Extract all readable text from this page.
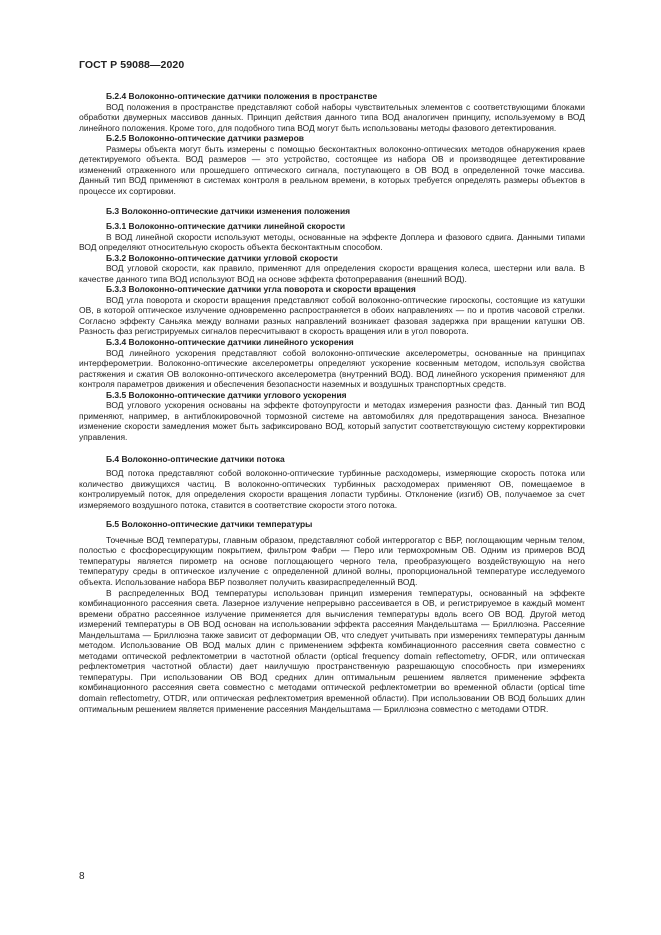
ГОСТ Р 59088—2020
Б.2.4 Волоконно-оптические датчики положения в пространстве

ВОД положения в пространстве представляют собой наборы чувствительных элементов с соответствующими блоками обработки двумерных массивов данных. Принцип действия данного типа ВОД аналогичен принципу, используемому в ВОД линейного положения. Кроме того, для подобного типа ВОД могут быть использованы методы фазового детектирования.

Б.2.5 Волоконно-оптические датчики размеров

Размеры объекта могут быть измерены с помощью бесконтактных волоконно-оптических методов обнаружения краев детектируемого объекта. ВОД размеров — это устройство, состоящее из набора ОВ и производящее детектирование изменений отраженного или прошедшего оптического сигнала, поступающего в ОВ ВОД в определенной точке массива. Данный тип ВОД применяют в системах контроля в реальном времени, в которых требуется определять размеры объектов в процессе их сортировки.

Б.3 Волоконно-оптические датчики изменения положения
Б.3.1 Волоконно-оптические датчики линейной скорости

В ВОД линейной скорости используют методы, основанные на эффекте Доплера и фазового сдвига. Данными типами ВОД определяют относительную скорость объекта бесконтактным способом.

Б.3.2 Волоконно-оптические датчики угловой скорости

ВОД угловой скорости, как правило, применяют для определения скорости вращения колеса, шестерни или вала. В качестве данного типа ВОД используют ВОД на основе эффекта фотопреравания (внешний ВОД).

Б.3.3 Волоконно-оптические датчики угла поворота и скорости вращения

ВОД угла поворота и скорости вращения представляют собой волоконно-оптические гироскопы, состоящие из катушки ОВ, в которой оптическое излучение одновременно распространяется в обоих направлениях — по и против часовой стрелки. Согласно эффекту Саньяка между волнами разных направлений возникает фазовая задержка при вращении катушки ОВ. Разность фаз регистрируемых сигналов пересчитывают в скорость вращения или в угол поворота.

Б.3.4 Волоконно-оптические датчики линейного ускорения

ВОД линейного ускорения представляют собой волоконно-оптические акселерометры, основанные на принципах интерферометрии. Волоконно-оптические акселерометры определяют ускорение косвенным методом, используя свойства растяжения и сжатия ОВ волоконно-оптического акселерометра (внутренний ВОД). ВОД линейного ускорения применяют для контроля параметров движения и обеспечения безопасности наземных и воздушных транспортных средств.

Б.3.5 Волоконно-оптические датчики углового ускорения

ВОД углового ускорения основаны на эффекте фотоупругости и методах измерения разности фаз. Данный тип ВОД применяют, например, в антиблокировочной тормозной системе на автомобилях для предотвращения заноса. Внезапное изменение скорости замедления может быть зафиксировано ВОД, который запустит соответствующую систему корректировки управления.

Б.4 Волоконно-оптические датчики потока

ВОД потока представляют собой волоконно-оптические турбинные расходомеры, измеряющие скорость потока или количество движущихся частиц. В волоконно-оптических турбинных расходомерах применяют ОВ, помещаемое в контролируемый поток, для определения скорости вращения лопасти турбины. Отклонение (изгиб) ОВ, получаемое за счет измеряемого воздушного потока, ставится в соответствие скорости этого потока.

Б.5 Волоконно-оптические датчики температуры

Точечные ВОД температуры, главным образом, представляют собой интеррогатор с ВБР, поглощающим черным телом, полостью с фосфоресцирующим покрытием, фильтром Фабри — Перо или термохромным ОВ. Одним из примеров ВОД температуры является пирометр на основе поглощающего черного тела, преобразующего воздействующую на него температуру среды в оптическое излучение с определенной длиной волны, пропорциональной температуре исследуемого объекта. Использование набора ВБР позволяет получить квазираспределенный ВОД.

В распределенных ВОД температуры использован принцип измерения температуры, основанный на эффекте комбинационного рассеяния света. Лазерное излучение непрерывно рассеивается в ОВ, и регистрируемое в каждый момент времени обратно рассеянное излучение применяется для вычисления температуры вдоль всего ОВ ВОД. Другой метод измерений температуры в ОВ ВОД основан на использовании эффекта рассеяния Мандельштама — Бриллюэна. Рассеяние Мандельштама — Бриллюэна также зависит от деформации ОВ, что следует учитывать при измерениях температуры данным методом. Использование ОВ ВОД малых длин с применением эффекта комбинационного рассеяния света совместно с методами оптической рефлектометрии в частотной области (optical frequency domain reflectometry, OFDR, или оптическая рефлектометрия частотной области) дает наилучшую пространственную разрешающую способность при измерениях температуры. При использовании ОВ ВОД средних длин оптимальным решением является применение эффекта комбинационного рассеяния света совместно с методами оптической рефлектометрии во временной области (optical time domain reflectometry, OTDR, или оптическая рефлектометрия временной области). При использовании ОВ ВОД больших длин оптимальным решением является применение рассеяния Мандельштама — Бриллюэна совместно с методами OTDR.

8
